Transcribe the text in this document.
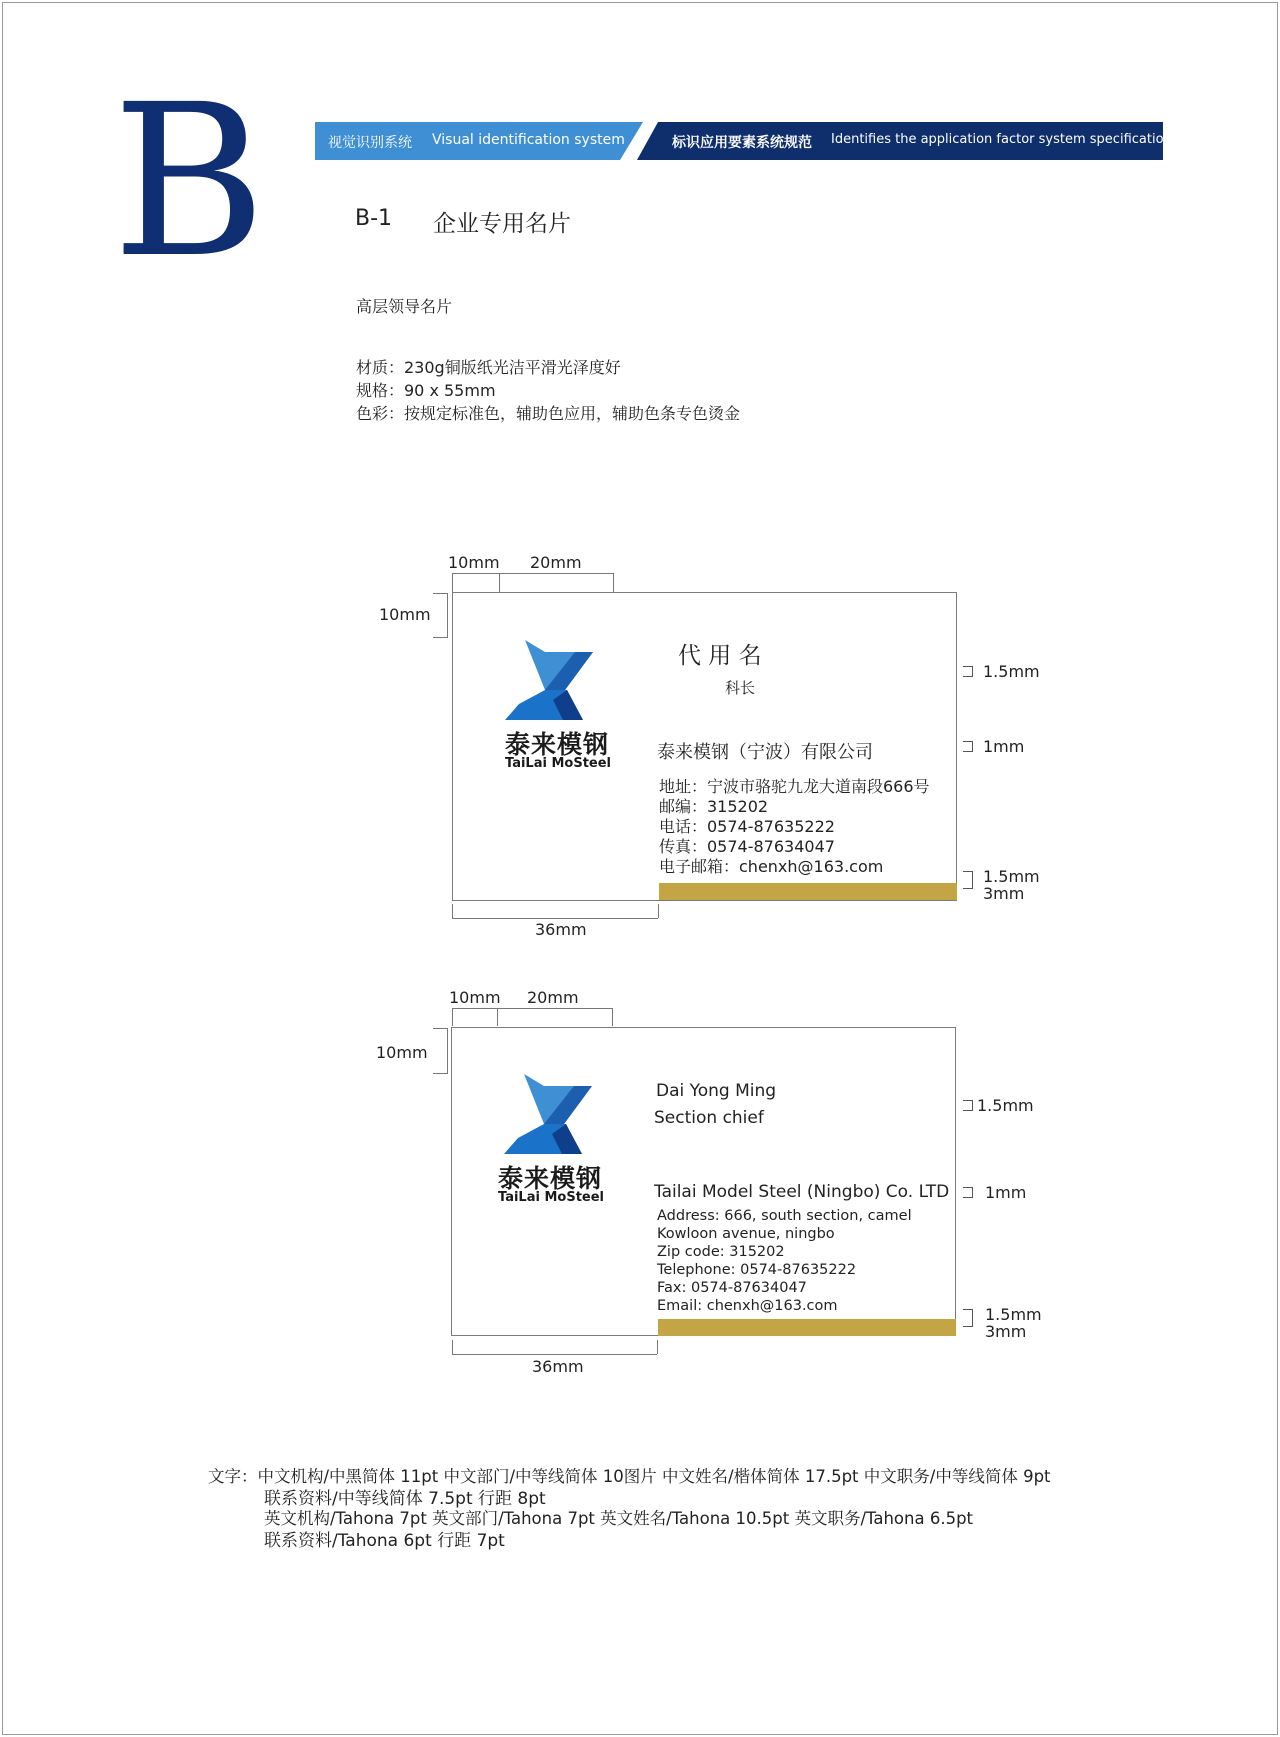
B	视觉识别系统 Visual identification system	标识应用要素系统规范 Identifies the application factor system specification
B-1 企业专用名片
高层领导名片
材质：230g铜版纸光洁平滑光泽度好
规格：90 x 55mm
色彩：按规定标准色，辅助色应用，辅助色条专色烫金
10mm 20mm
10mm
泰来模钢
TaiLai MoSteel
代 用 名
科长
泰来模钢（宁波）有限公司
地址：宁波市骆驼九龙大道南段666号
邮编：315202
电话：0574-87635222
传真：0574-87634047
电子邮箱：chenxh@163.com
1.5mm
1mm
1.5mm
3mm
36mm
10mm 20mm
10mm
泰来模钢
TaiLai MoSteel
Dai Yong Ming
Section chief
Tailai Model Steel (Ningbo) Co. LTD
Address: 666, south section, camel
Kowloon avenue, ningbo
Zip code: 315202
Telephone: 0574-87635222
Fax: 0574-87634047
Email: chenxh@163.com
1.5mm
1mm
1.5mm
3mm
36mm
文字：中文机构/中黑简体 11pt 中文部门/中等线简体 10图片 中文姓名/楷体简体 17.5pt 中文职务/中等线简体 9pt
联系资料/中等线简体 7.5pt 行距 8pt
英文机构/Tahona 7pt 英文部门/Tahona 7pt 英文姓名/Tahona 10.5pt 英文职务/Tahona 6.5pt
联系资料/Tahona 6pt 行距 7pt
